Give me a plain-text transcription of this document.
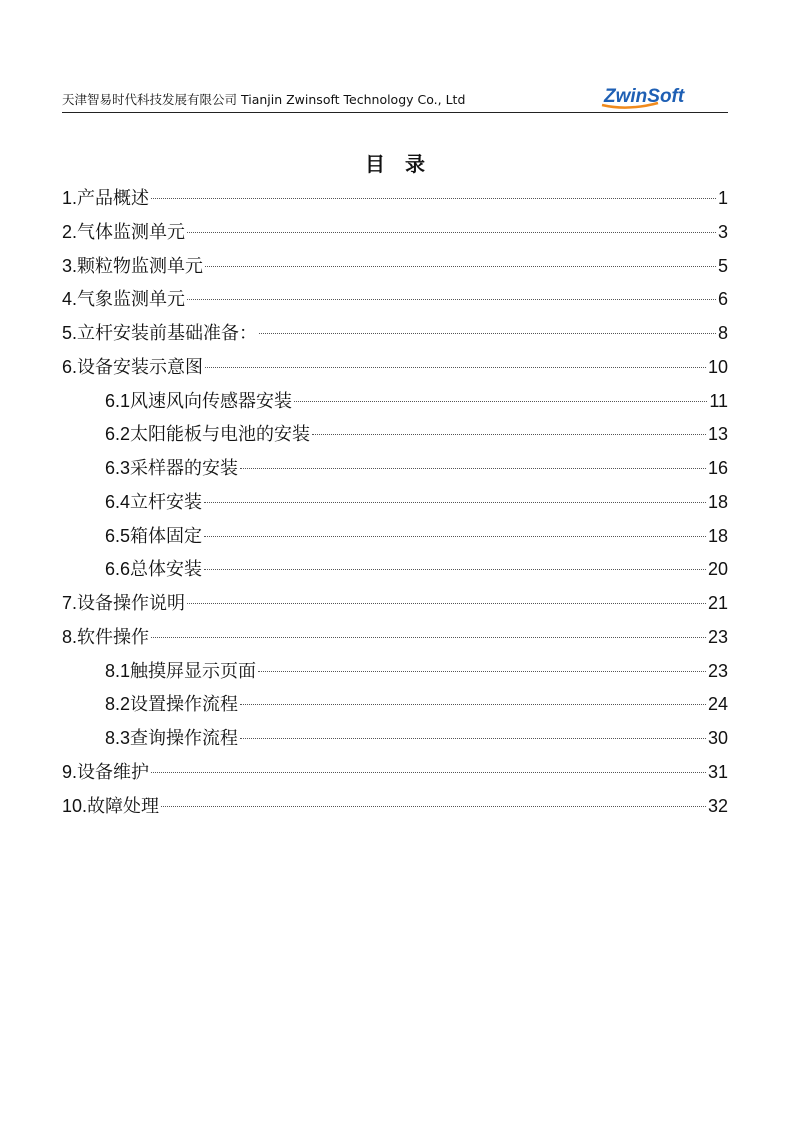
天津智易时代科技发展有限公司 Tianjin Zwinsoft Technology Co., Ltd	ZwinSoft
目录
1. 产品概述	1
2. 气体监测单元	3
3. 颗粒物监测单元	5
4. 气象监测单元	6
5. 立杆安装前基础准备：	8
6. 设备安装示意图	10
6.1 风速风向传感器安装	11
6.2 太阳能板与电池的安装	13
6.3 采样器的安装	16
6.4 立杆安装	18
6.5 箱体固定	18
6.6 总体安装	20
7. 设备操作说明	21
8. 软件操作	23
8.1 触摸屏显示页面	23
8.2 设置操作流程	24
8.3 查询操作流程	30
9. 设备维护	31
10. 故障处理	32
